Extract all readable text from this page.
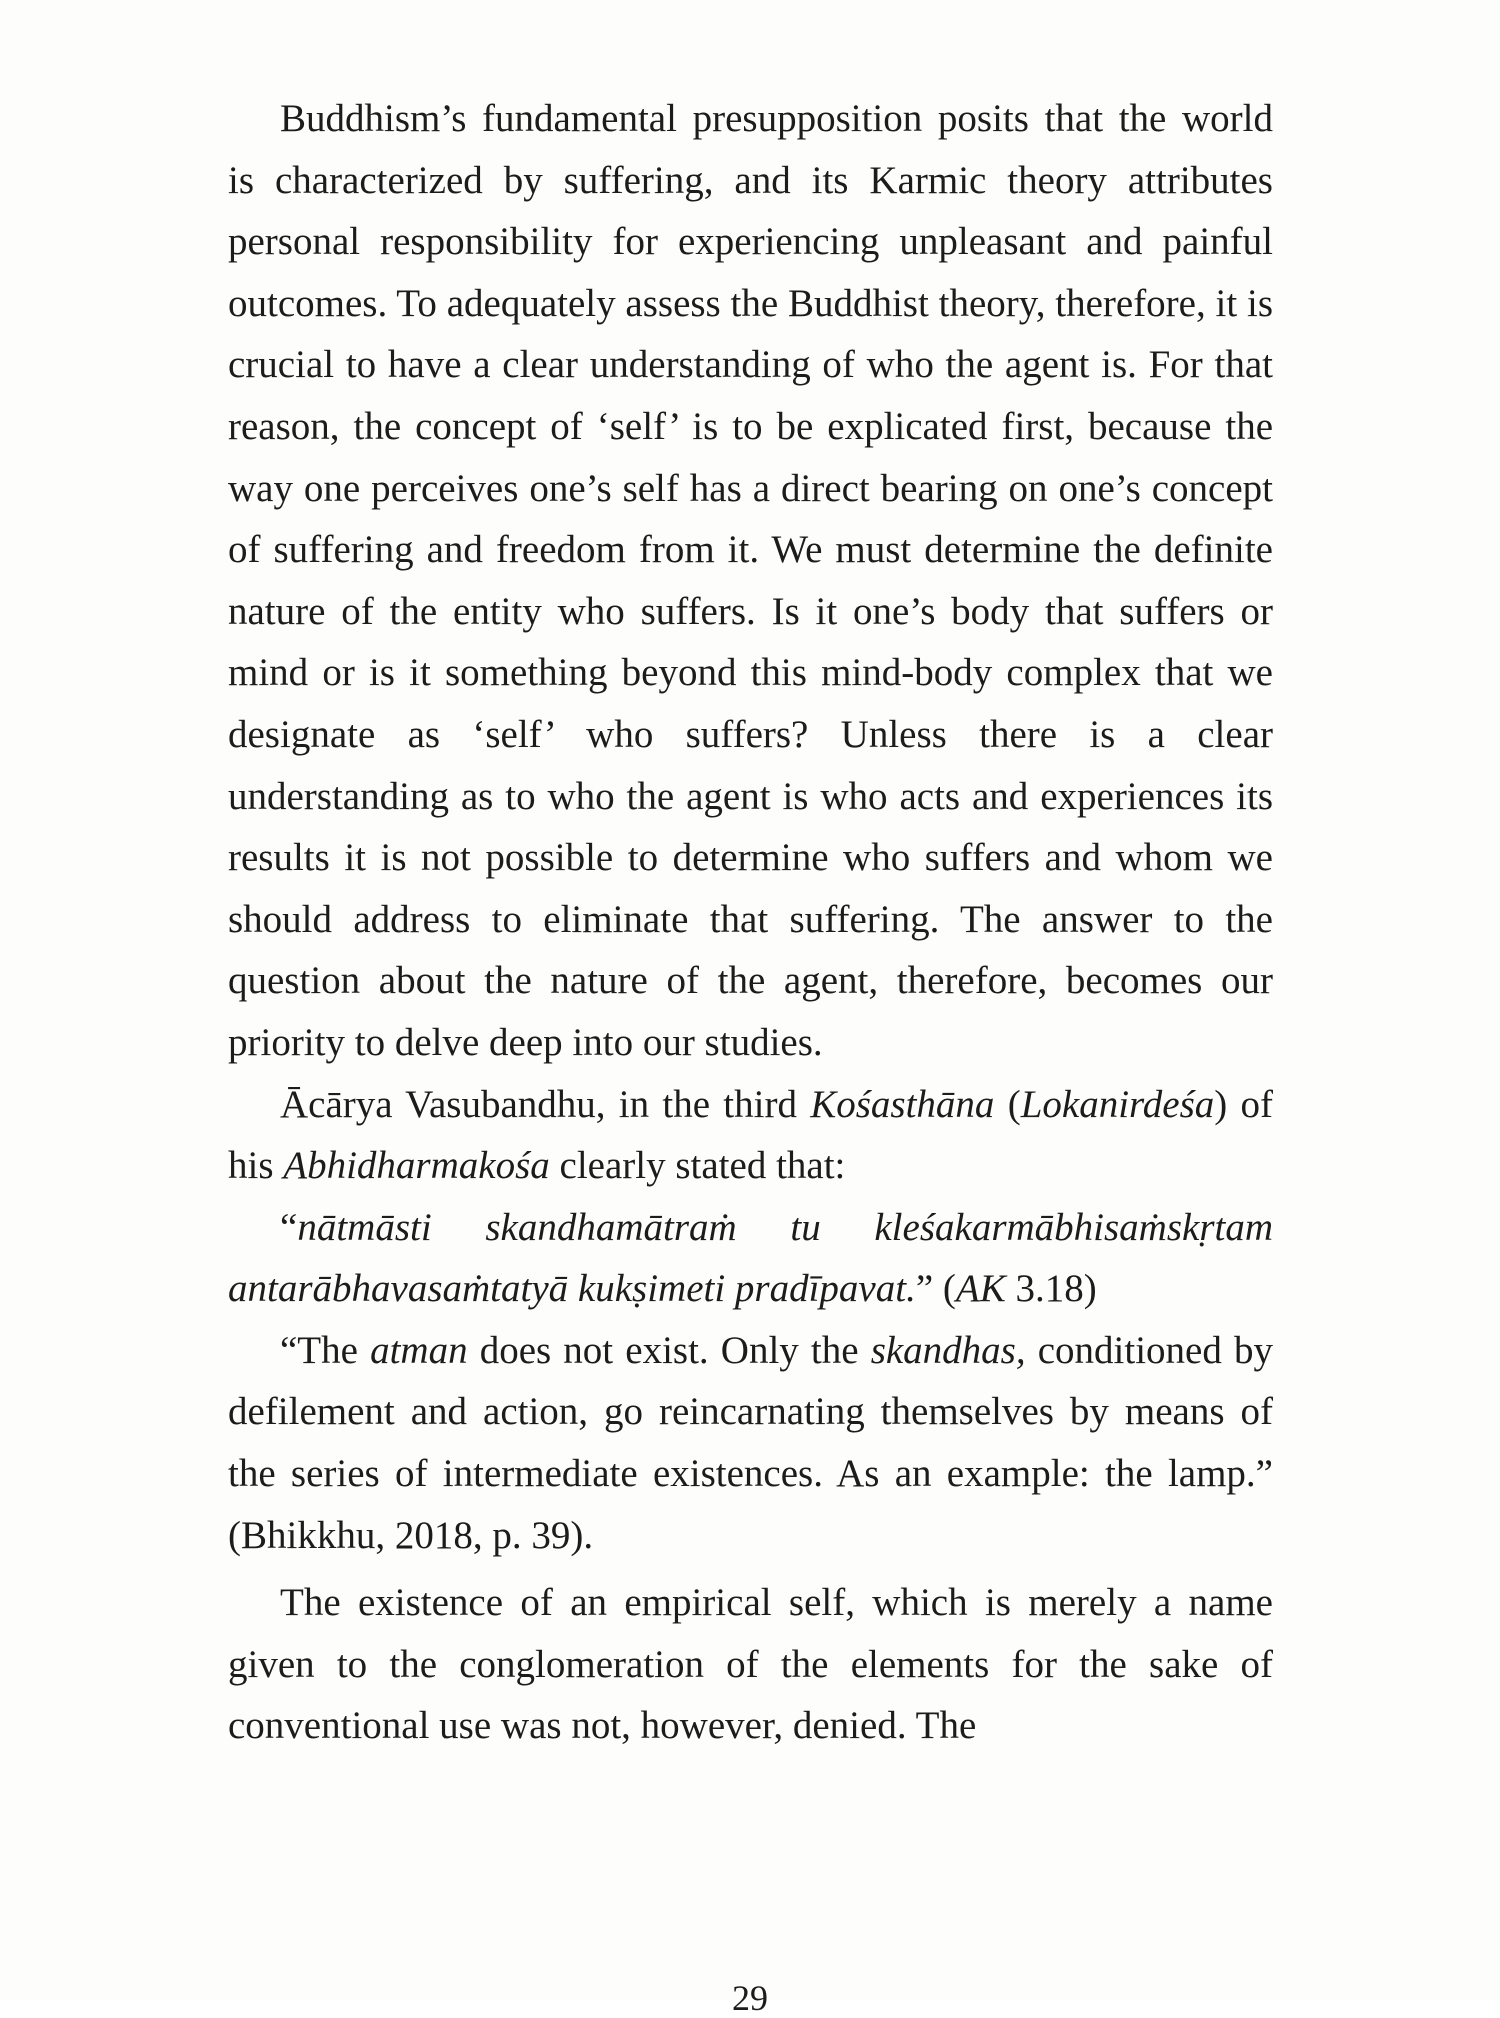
Buddhism’s fundamental presupposition posits that the world is characterized by suffering, and its Karmic theory attributes personal responsibility for experiencing unpleasant and painful outcomes. To adequately assess the Buddhist theory, therefore, it is crucial to have a clear understanding of who the agent is. For that reason, the concept of ‘self’ is to be explicated first, because the way one perceives one’s self has a direct bearing on one’s concept of suffering and freedom from it. We must determine the definite nature of the entity who suffers. Is it one’s body that suffers or mind or is it something beyond this mind-body complex that we designate as ‘self’ who suffers? Unless there is a clear understanding as to who the agent is who acts and experiences its results it is not possible to determine who suffers and whom we should address to eliminate that suffering. The answer to the question about the nature of the agent, therefore, becomes our priority to delve deep into our studies.

Ācārya Vasubandhu, in the third Kośasthāna (Lokanirdeśa) of his Abhidharmakośa clearly stated that:

“nātmāsti skandhamātraṁ tu kleśakarmābhisaṁskṛtam antarābhavasaṁtatyā kukṣimeti pradīpavat.” (AK 3.18)

“The atman does not exist. Only the skandhas, conditioned by defilement and action, go reincarnating themselves by means of the series of intermediate existences. As an example: the lamp.” (Bhikkhu, 2018, p. 39).

The existence of an empirical self, which is merely a name given to the conglomeration of the elements for the sake of conventional use was not, however, denied. The

29
